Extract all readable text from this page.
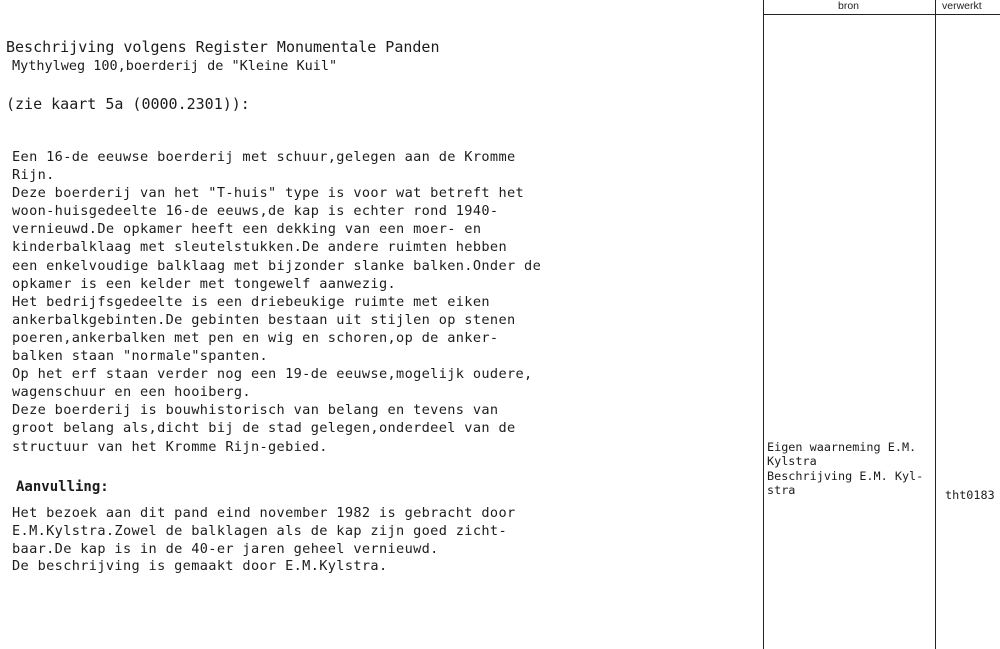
Beschrijving volgens Register Monumentale Panden

(zie kaart 5a (0000.2301)):

Mythylweg 100,boerderij de "Kleine Kuil"
Een 16-de eeuwse boerderij met schuur,gelegen aan de Kromme
Rijn.
Deze boerderij van het "T-huis" type is voor wat betreft het
woon-huisgedeelte 16-de eeuws,de kap is echter rond 1940-
vernieuwd.De opkamer heeft een dekking van een moer- en
kinderbalklaag met sleutelstukken.De andere ruimten hebben
een enkelvoudige balklaag met bijzonder slanke balken.Onder de
opkamer is een kelder met tongewelf aanwezig.
Het bedrijfsgedeelte is een driebeukige ruimte met eiken
ankerbalkgebinten.De gebinten bestaan uit stijlen op stenen
poeren,ankerbalken met pen en wig en schoren,op de anker-
balken staan "normale"spanten.
Op het erf staan verder nog een 19-de eeuwse,mogelijk oudere,
wagenschuur en een hooiberg.
Deze boerderij is bouwhistorisch van belang en tevens van
groot belang als,dicht bij de stad gelegen,onderdeel van de
structuur van het Kromme Rijn-gebied.
Aanvulling:
Het bezoek aan dit pand eind november 1982 is gebracht door
E.M.Kylstra.Zowel de balklagen als de kap zijn goed zicht-
baar.De kap is in de 40-er jaren geheel vernieuwd.
De beschrijving is gemaakt door E.M.Kylstra.
bron	verwerkt
Eigen waarneming E.M.
Kylstra
Beschrijving E.M. Kyl-
stra	tht0183
